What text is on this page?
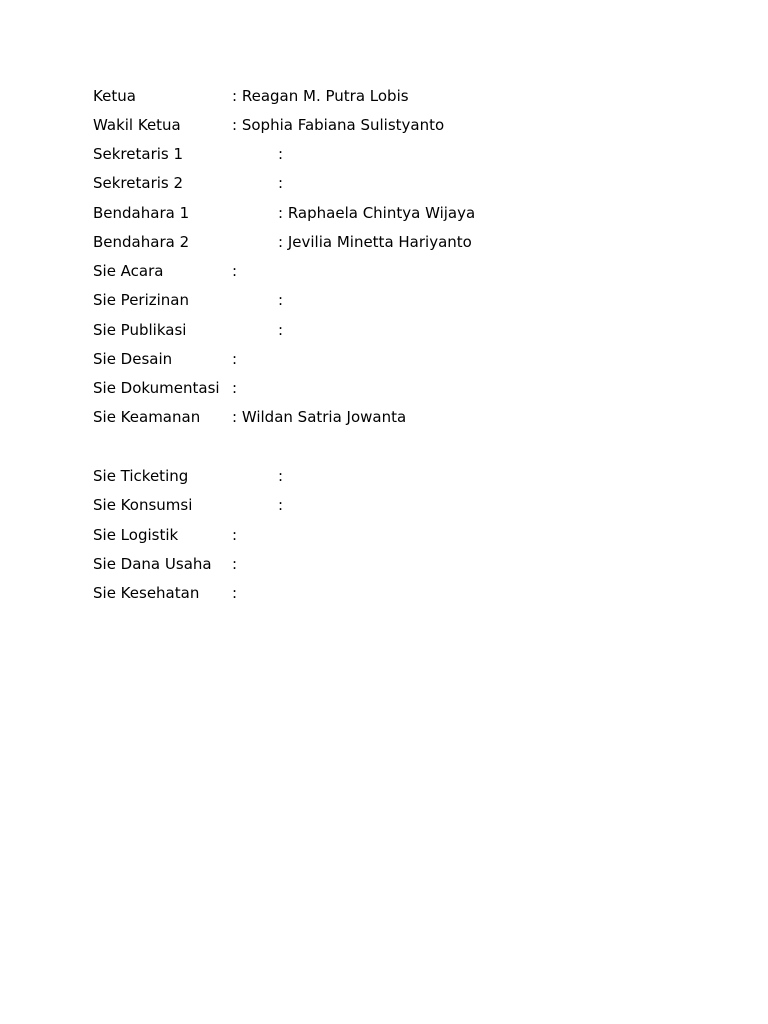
Ketua	: Reagan M. Putra Lobis
Wakil Ketua	: Sophia Fabiana Sulistyanto
Sekretaris 1	:
Sekretaris 2	:
Bendahara 1	: Raphaela Chintya Wijaya
Bendahara 2	: Jevilia Minetta Hariyanto
Sie Acara	:
Sie Perizinan	:
Sie Publikasi	:
Sie Desain	:
Sie Dokumentasi :
Sie Keamanan : Wildan Satria Jowanta
Sie Ticketing	:
Sie Konsumsi	:
Sie Logistik	:
Sie Dana Usaha :
Sie Kesehatan :
